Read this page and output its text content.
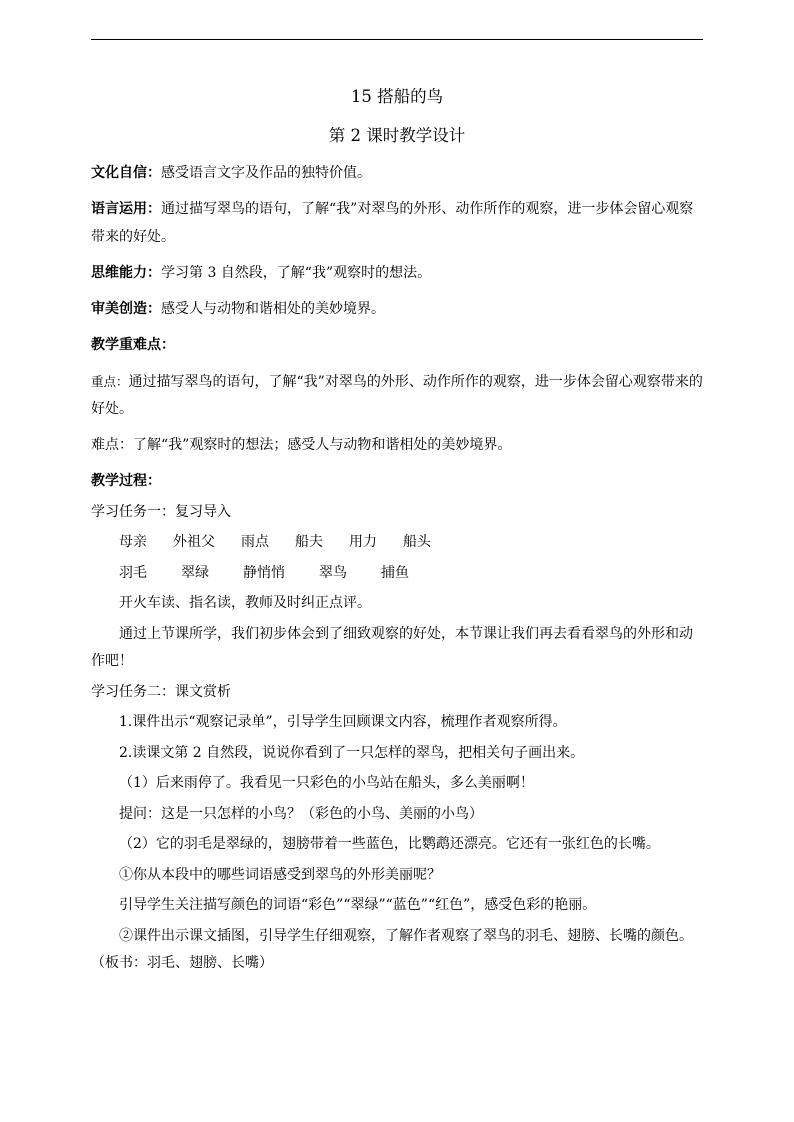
15 搭船的鸟

第 2 课时教学设计

文化自信：感受语言文字及作品的独特价值。

语言运用：通过描写翠鸟的语句，了解“我”对翠鸟的外形、动作所作的观察，进一步体会留心观察带来的好处。

思维能力：学习第 3 自然段，了解“我”观察时的想法。

审美创造：感受人与动物和谐相处的美妙境界。

教学重难点：

重点：通过描写翠鸟的语句，了解“我”对翠鸟的外形、动作所作的观察，进一步体会留心观察带来的好处。

难点：了解“我”观察时的想法；感受人与动物和谐相处的美妙境界。

教学过程：

学习任务一：复习导入

母亲 外祖父 雨点 船夫 用力 船头

羽毛 翠绿 静悄悄 翠鸟 捕鱼

开火车读、指名读，教师及时纠正点评。

通过上节课所学，我们初步体会到了细致观察的好处，本节课让我们再去看看翠鸟的外形和动作吧！

学习任务二：课文赏析

1.课件出示“观察记录单”，引导学生回顾课文内容，梳理作者观察所得。

2.读课文第 2 自然段，说说你看到了一只怎样的翠鸟，把相关句子画出来。

（1）后来雨停了。我看见一只彩色的小鸟站在船头，多么美丽啊！

提问：这是一只怎样的小鸟？（彩色的小鸟、美丽的小鸟）

（2）它的羽毛是翠绿的，翅膀带着一些蓝色，比鹦鹉还漂亮。它还有一张红色的长嘴。

①你从本段中的哪些词语感受到翠鸟的外形美丽呢？

引导学生关注描写颜色的词语“彩色”“翠绿”“蓝色”“红色”，感受色彩的艳丽。

②课件出示课文插图，引导学生仔细观察，了解作者观察了翠鸟的羽毛、翅膀、长嘴的颜色。（板书：羽毛、翅膀、长嘴）
